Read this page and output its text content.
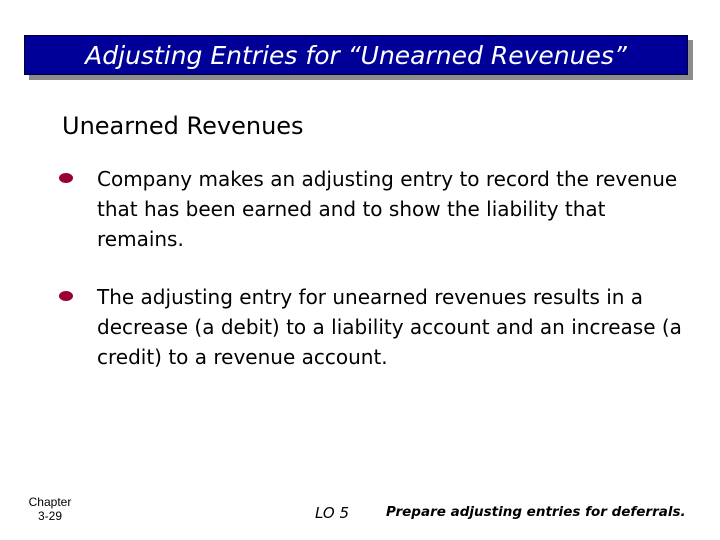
Adjusting Entries for “Unearned Revenues”
Unearned Revenues
Company makes an adjusting entry to record the revenue that has been earned and to show the liability that remains.
The adjusting entry for unearned revenues results in a decrease (a debit) to a liability account and an increase (a credit) to a revenue account.
Chapter
3-29	LO 5	Prepare adjusting entries for deferrals.
